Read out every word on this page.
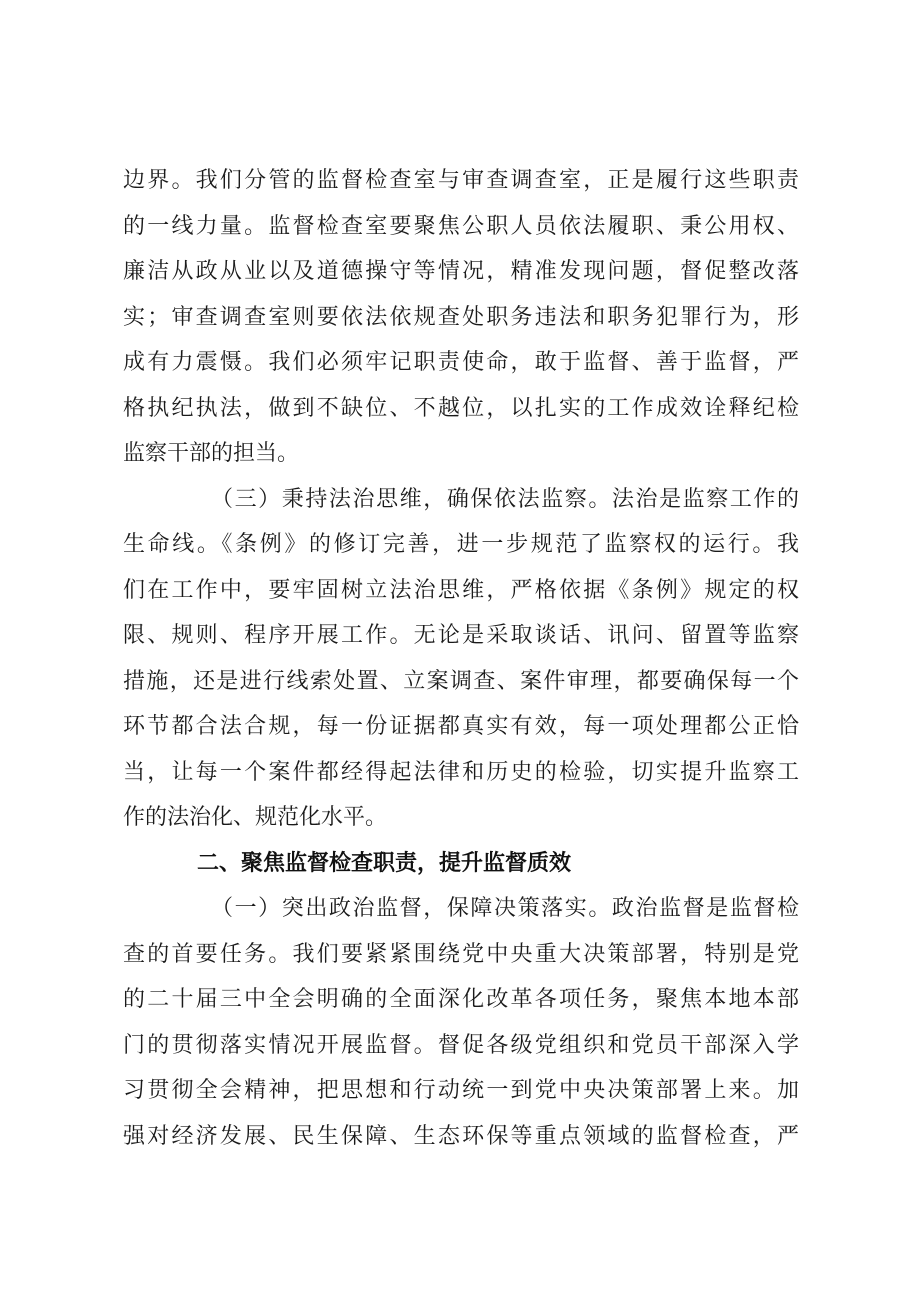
边界。我们分管的监督检查室与审查调查室，正是履行这些职责
的一线力量。监督检查室要聚焦公职人员依法履职、秉公用权、
廉洁从政从业以及道德操守等情况，精准发现问题，督促整改落
实；审查调查室则要依法依规查处职务违法和职务犯罪行为，形
成有力震慑。我们必须牢记职责使命，敢于监督、善于监督，严
格执纪执法，做到不缺位、不越位，以扎实的工作成效诠释纪检
监察干部的担当。
（三）秉持法治思维，确保依法监察。法治是监察工作的
生命线。《条例》的修订完善，进一步规范了监察权的运行。我
们在工作中，要牢固树立法治思维，严格依据《条例》规定的权
限、规则、程序开展工作。无论是采取谈话、讯问、留置等监察
措施，还是进行线索处置、立案调查、案件审理，都要确保每一个
环节都合法合规，每一份证据都真实有效，每一项处理都公正恰
当，让每一个案件都经得起法律和历史的检验，切实提升监察工
作的法治化、规范化水平。
二、聚焦监督检查职责，提升监督质效
（一）突出政治监督，保障决策落实。政治监督是监督检
查的首要任务。我们要紧紧围绕党中央重大决策部署，特别是党
的二十届三中全会明确的全面深化改革各项任务，聚焦本地本部
门的贯彻落实情况开展监督。督促各级党组织和党员干部深入学
习贯彻全会精神，把思想和行动统一到党中央决策部署上来。加
强对经济发展、民生保障、生态环保等重点领域的监督检查，严
